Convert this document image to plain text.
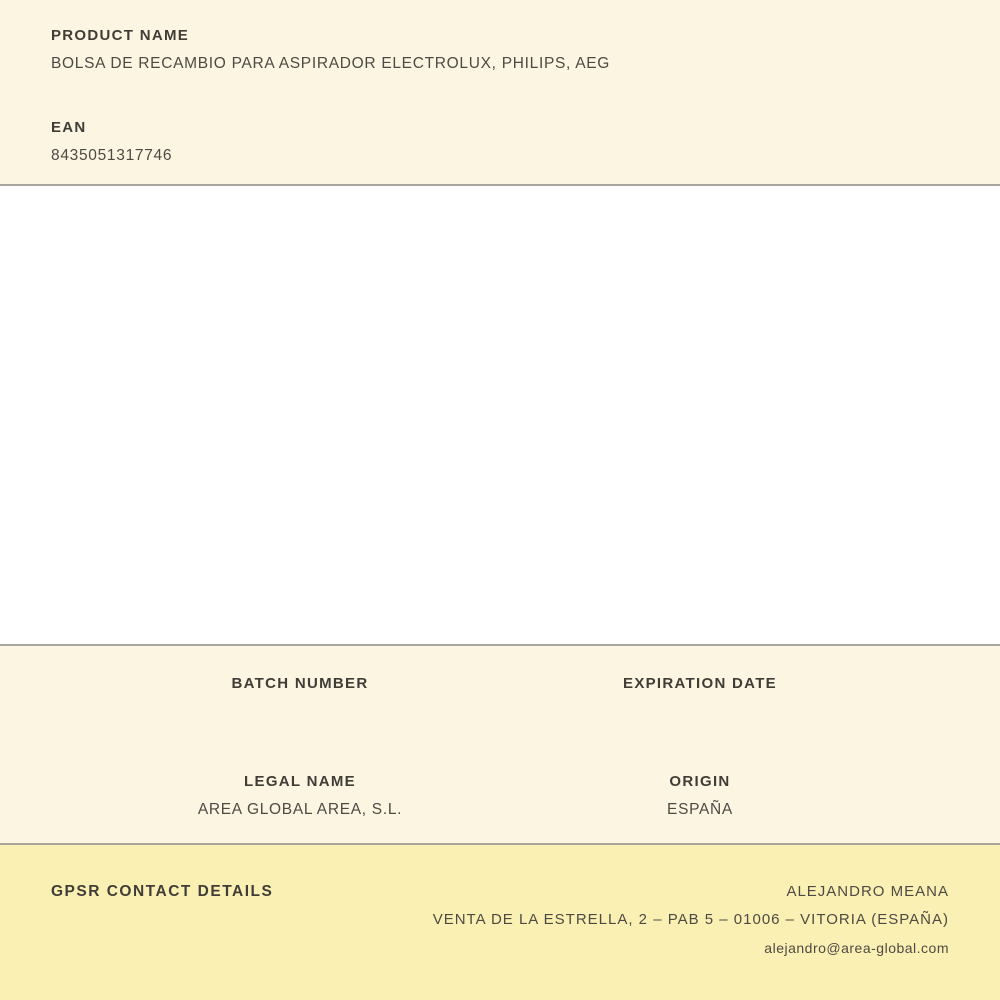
PRODUCT NAME
BOLSA DE RECAMBIO PARA ASPIRADOR ELECTROLUX, PHILIPS, AEG
EAN
8435051317746
BATCH NUMBER	EXPIRATION DATE
LEGAL NAME
AREA GLOBAL AREA, S.L.
ORIGIN
ESPAÑA
GPSR CONTACT DETAILS	ALEJANDRO MEANA
VENTA DE LA ESTRELLA, 2 – PAB 5 – 01006 – VITORIA (ESPAÑA)
alejandro@area-global.com
